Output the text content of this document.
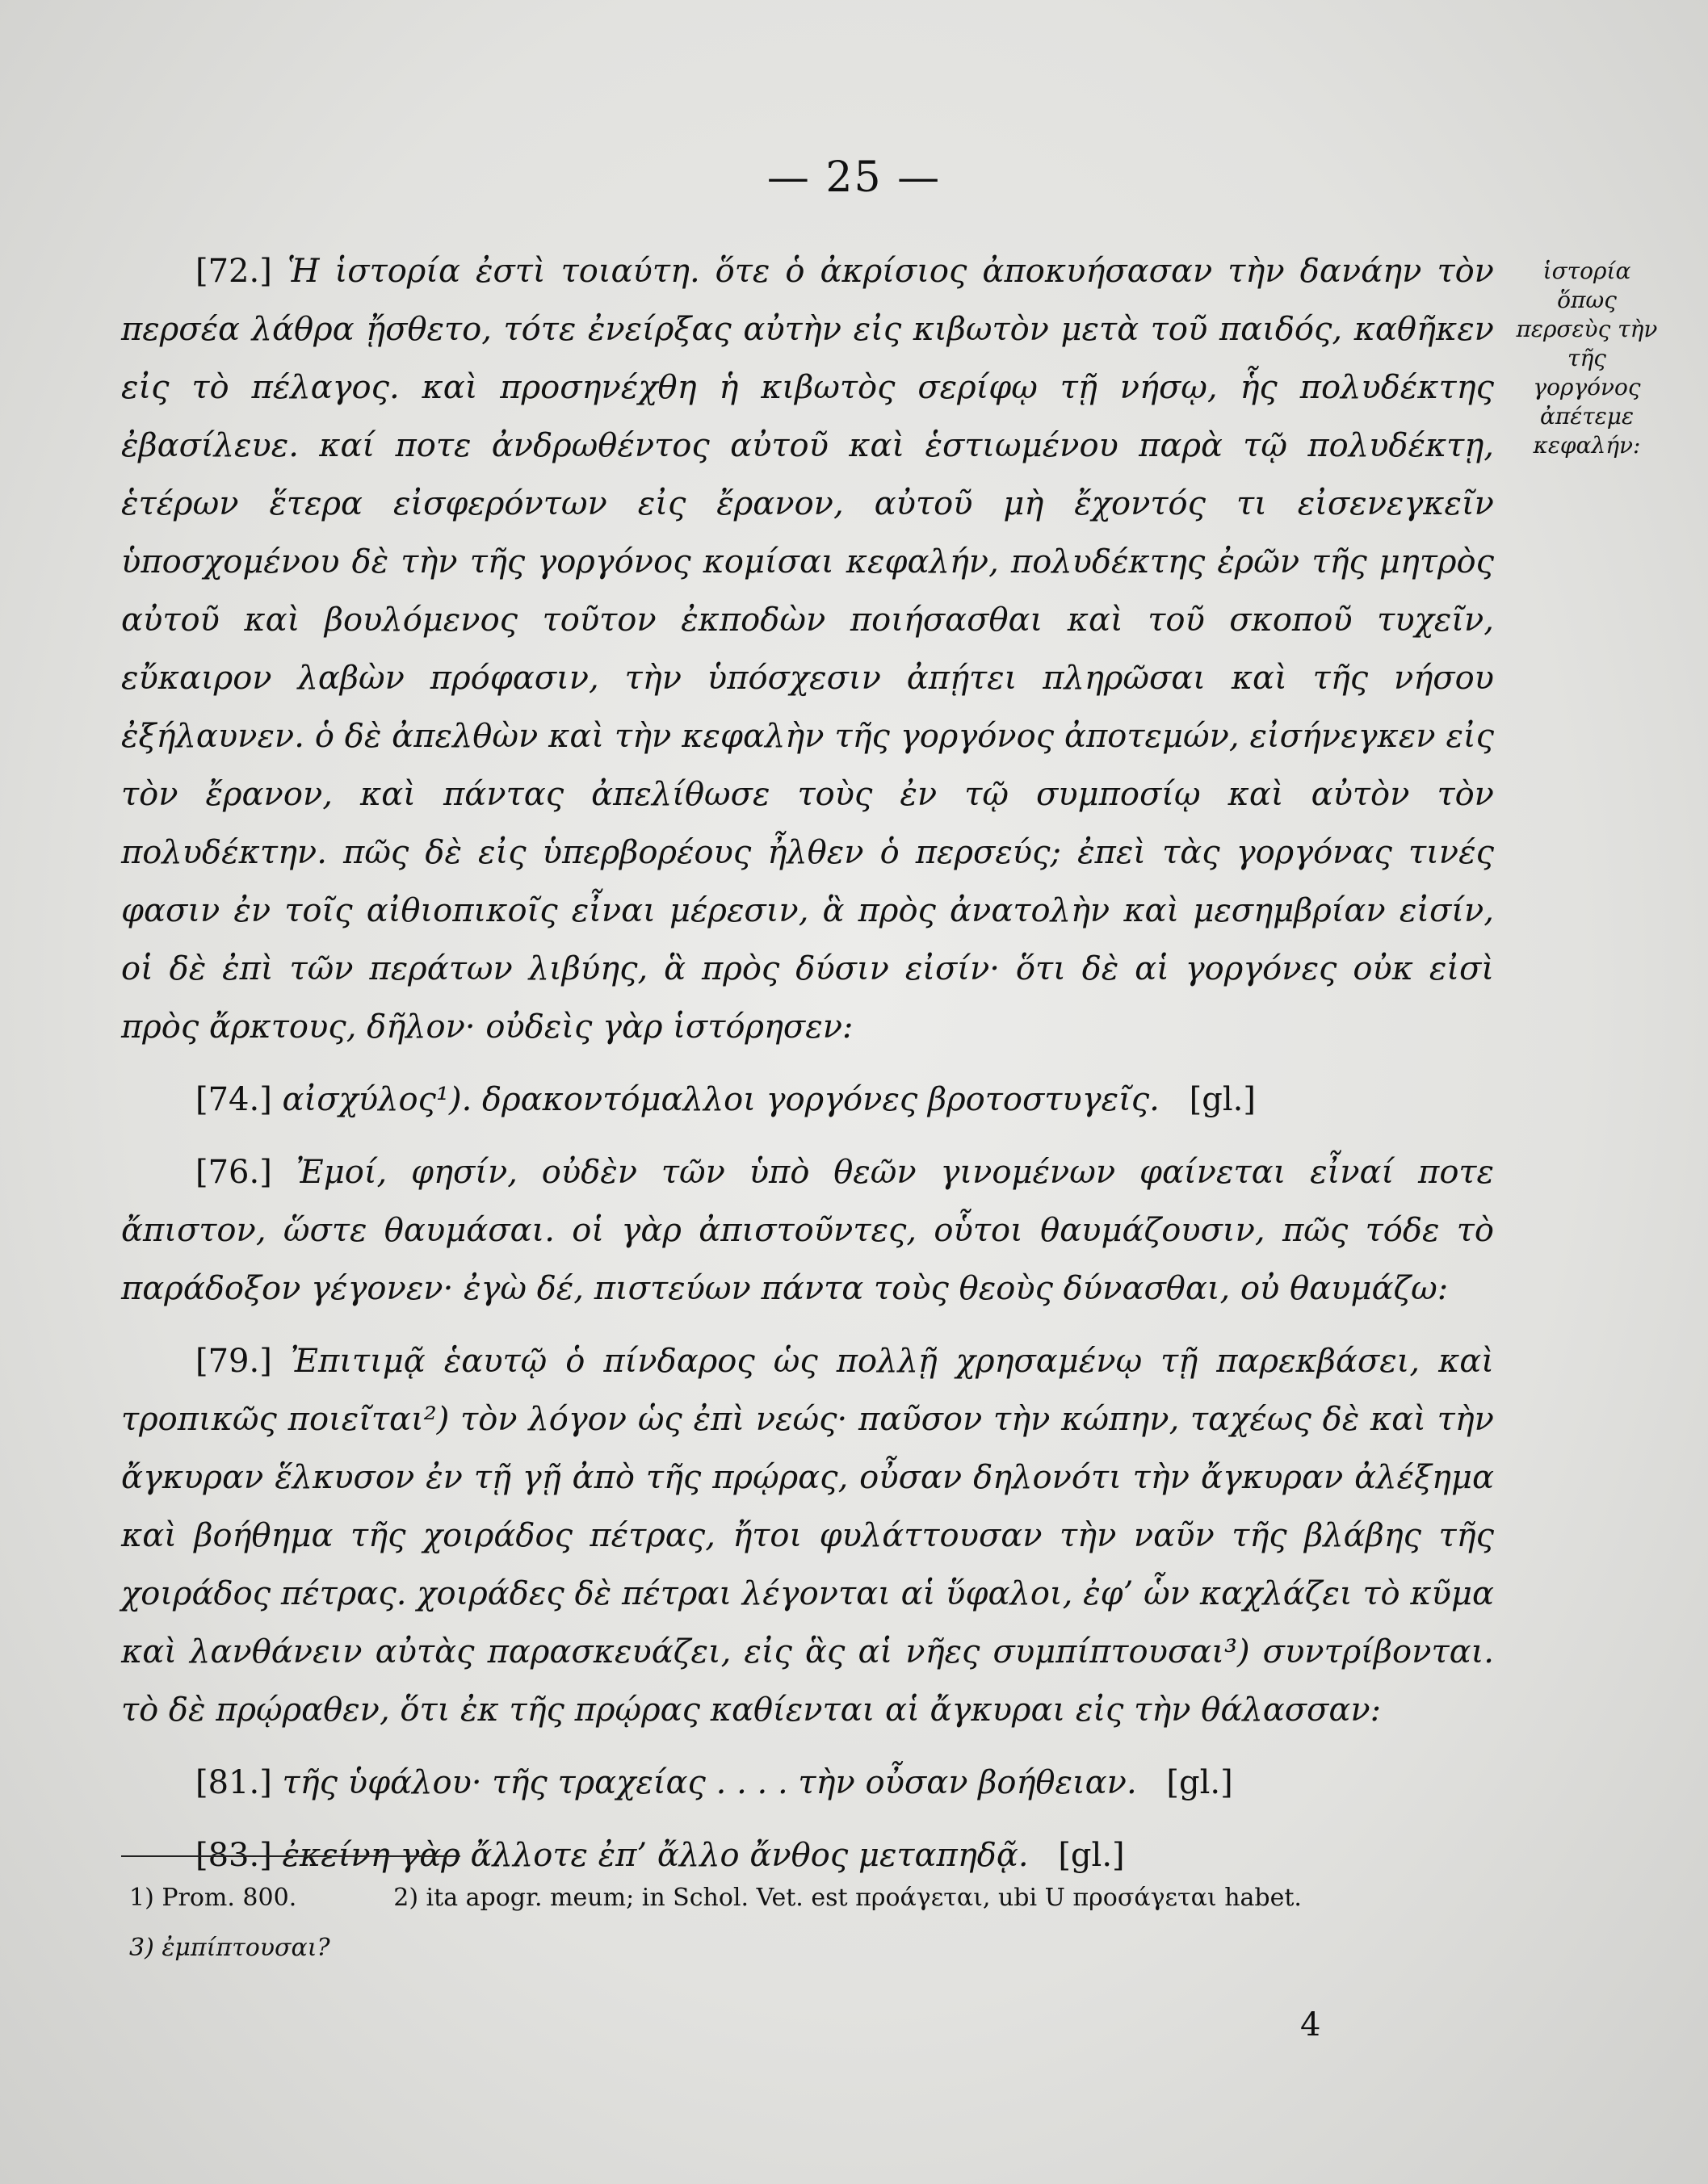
— 25 —
ἱστορία ὅπως περσεὺς τὴν τῆς γοργόνος ἀπέτεμε κεφαλήν:

[72.] Ἡ ἱστορία ἐστὶ τοιαύτη. ὅτε ὁ ἀκρίσιος ἀποκυήσασαν τὴν δανάην τὸν περσέα λάθρα ᾔσθετο, τότε ἐνείρξας αὐτὴν εἰς κιβωτὸν μετὰ τοῦ παιδός, καθῆκεν εἰς τὸ πέλαγος. καὶ προσηνέχθη ἡ κιβωτὸς σερίφῳ τῇ νήσῳ, ἧς πολυδέκτης ἐβασίλευε. καί ποτε ἀνδρωθέντος αὐτοῦ καὶ ἑστιωμένου παρὰ τῷ πολυδέκτῃ, ἑτέρων ἕτερα εἰσφερόντων εἰς ἔρανον, αὐτοῦ μὴ ἔχοντός τι εἰσενεγκεῖν ὑποσχομένου δὲ τὴν τῆς γοργόνος κομίσαι κεφαλήν, πολυδέκτης ἐρῶν τῆς μητρὸς αὐτοῦ καὶ βουλόμενος τοῦτον ἐκποδὼν ποιήσασθαι καὶ τοῦ σκοποῦ τυχεῖν, εὔκαιρον λαβὼν πρόφασιν, τὴν ὑπόσχεσιν ἀπῄτει πληρῶσαι καὶ τῆς νήσου ἐξήλαυνεν. ὁ δὲ ἀπελθὼν καὶ τὴν κεφαλὴν τῆς γοργόνος ἀποτεμών, εἰσήνεγκεν εἰς τὸν ἔρανον, καὶ πάντας ἀπελίθωσε τοὺς ἐν τῷ συμποσίῳ καὶ αὐτὸν τὸν πολυδέκτην. πῶς δὲ εἰς ὑπερβορέους ἦλθεν ὁ περσεύς; ἐπεὶ τὰς γοργόνας τινές φασιν ἐν τοῖς αἰθιοπικοῖς εἶναι μέρεσιν, ἃ πρὸς ἀνατολὴν καὶ μεσημβρίαν εἰσίν, οἱ δὲ ἐπὶ τῶν περάτων λιβύης, ἃ πρὸς δύσιν εἰσίν· ὅτι δὲ αἱ γοργόνες οὐκ εἰσὶ πρὸς ἄρκτους, δῆλον· οὐδεὶς γὰρ ἱστόρησεν:

[74.] αἰσχύλος¹). δρακοντόμαλλοι γοργόνες βροτοστυγεῖς. [gl.]

[76.] Ἐμοί, φησίν, οὐδὲν τῶν ὑπὸ θεῶν γινομένων φαίνεται εἶναί ποτε ἄπιστον, ὥστε θαυμάσαι. οἱ γὰρ ἀπιστοῦντες, οὗτοι θαυμάζουσιν, πῶς τόδε τὸ παράδοξον γέγονεν· ἐγὼ δέ, πιστεύων πάντα τοὺς θεοὺς δύνασθαι, οὐ θαυμάζω:

[79.] Ἐπιτιμᾷ ἑαυτῷ ὁ πίνδαρος ὡς πολλῇ χρησαμένῳ τῇ παρεκβάσει, καὶ τροπικῶς ποιεῖται²) τὸν λόγον ὡς ἐπὶ νεώς· παῦσον τὴν κώπην, ταχέως δὲ καὶ τὴν ἄγκυραν ἕλκυσον ἐν τῇ γῇ ἀπὸ τῆς πρῴρας, οὖσαν δηλονότι τὴν ἄγκυραν ἀλέξημα καὶ βοήθημα τῆς χοιράδος πέτρας, ἤτοι φυλάττουσαν τὴν ναῦν τῆς βλάβης τῆς χοιράδος πέτρας. χοιράδες δὲ πέτραι λέγονται αἱ ὕφαλοι, ἐφ’ ὧν καχλάζει τὸ κῦμα καὶ λανθάνειν αὐτὰς παρασκευάζει, εἰς ἃς αἱ νῆες συμπίπτουσαι³) συντρίβονται. τὸ δὲ πρῴραθεν, ὅτι ἐκ τῆς πρῴρας καθίενται αἱ ἄγκυραι εἰς τὴν θάλασσαν:

[81.] τῆς ὑφάλου· τῆς τραχείας . . . . τὴν οὖσαν βοήθειαν. [gl.]

[83.] ἐκείνη γὰρ ἄλλοτε ἐπ’ ἄλλο ἄνθος μεταπηδᾷ. [gl.]

1) Prom. 800.	2) ita apogr. meum; in Schol. Vet. est προάγεται, ubi U προσάγεται habet.
3) ἐμπίπτουσαι?
4
